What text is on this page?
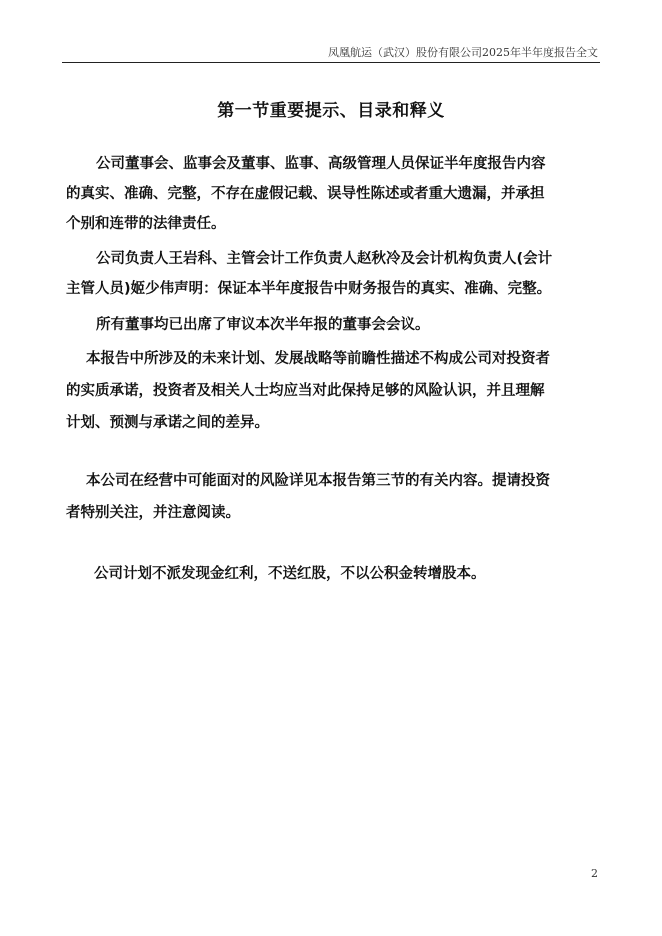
凤凰航运（武汉）股份有限公司2025年半年度报告全文
第一节重要提示、目录和释义
公司董事会、监事会及董事、监事、高级管理人员保证半年度报告内容
的真实、准确、完整，不存在虚假记载、误导性陈述或者重大遗漏，并承担
个别和连带的法律责任。
公司负责人王岩科、主管会计工作负责人赵秋冷及会计机构负责人(会计
主管人员)姬少伟声明：保证本半年度报告中财务报告的真实、准确、完整。
所有董事均已出席了审议本次半年报的董事会会议。
本报告中所涉及的未来计划、发展战略等前瞻性描述不构成公司对投资者
的实质承诺，投资者及相关人士均应当对此保持足够的风险认识，并且理解
计划、预测与承诺之间的差异。
本公司在经营中可能面对的风险详见本报告第三节的有关内容。提请投资
者特别关注，并注意阅读。
公司计划不派发现金红利，不送红股，不以公积金转增股本。
2
